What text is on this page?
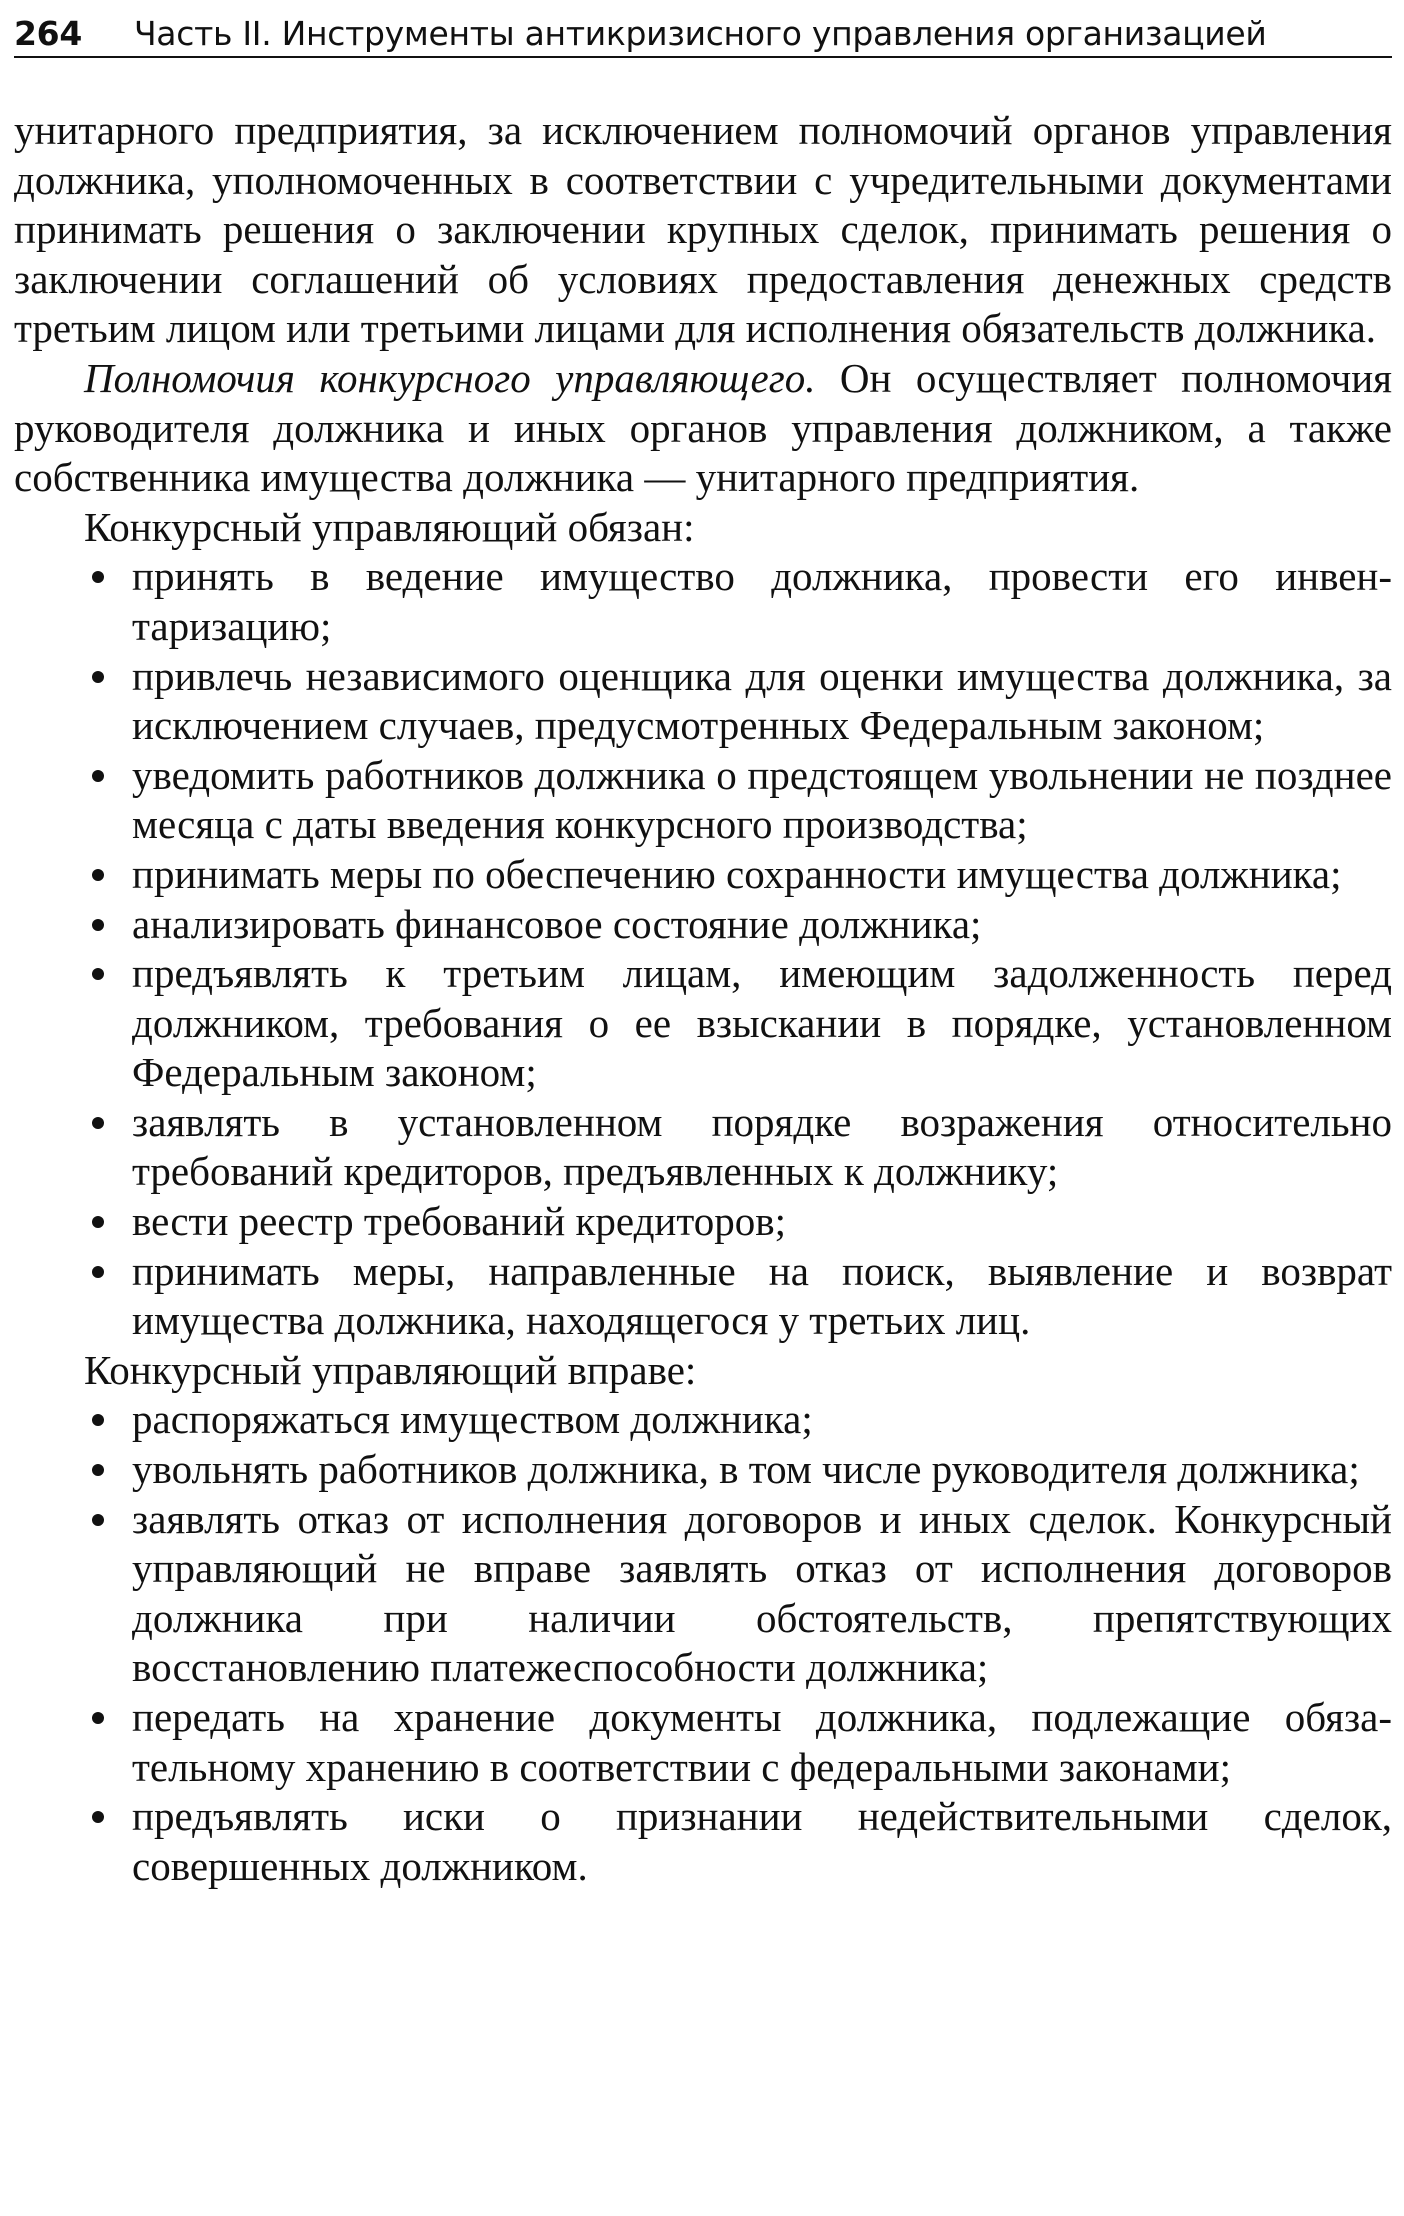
264 Часть II. Инструменты антикризисного управления организацией

унитарного предприятия, за исключением полномочий органов управления должника, уполномоченных в соответствии с учредительными документами принимать решения о заключении крупных сделок, принимать решения о заключении соглашений об условиях предоставления денежных средств третьим лицом или третьими лицами для исполнения обязательств должника.

Полномочия конкурсного управляющего. Он осуществляет полномочия руководителя должника и иных органов управления должником, а также собственника имущества должника — унитарного предприятия.

Конкурсный управляющий обязан:

принять в ведение имущество должника, провести его инвентаризацию;
привлечь независимого оценщика для оценки имущества должника, за исключением случаев, предусмотренных Федеральным законом;
уведомить работников должника о предстоящем увольнении не позднее месяца с даты введения конкурсного производства;
принимать меры по обеспечению сохранности имущества должника;
анализировать финансовое состояние должника;
предъявлять к третьим лицам, имеющим задолженность перед должником, требования о ее взыскании в порядке, установленном Федеральным законом;
заявлять в установленном порядке возражения относительно требований кредиторов, предъявленных к должнику;
вести реестр требований кредиторов;
принимать меры, направленные на поиск, выявление и возврат имущества должника, находящегося у третьих лиц.

Конкурсный управляющий вправе:

распоряжаться имуществом должника;
увольнять работников должника, в том числе руководителя должника;
заявлять отказ от исполнения договоров и иных сделок. Конкурсный управляющий не вправе заявлять отказ от исполнения договоров должника при наличии обстоятельств, препятствующих восстановлению платежеспособности должника;
передать на хранение документы должника, подлежащие обязательному хранению в соответствии с федеральными законами;
предъявлять иски о признании недействительными сделок, совершенных должником.
